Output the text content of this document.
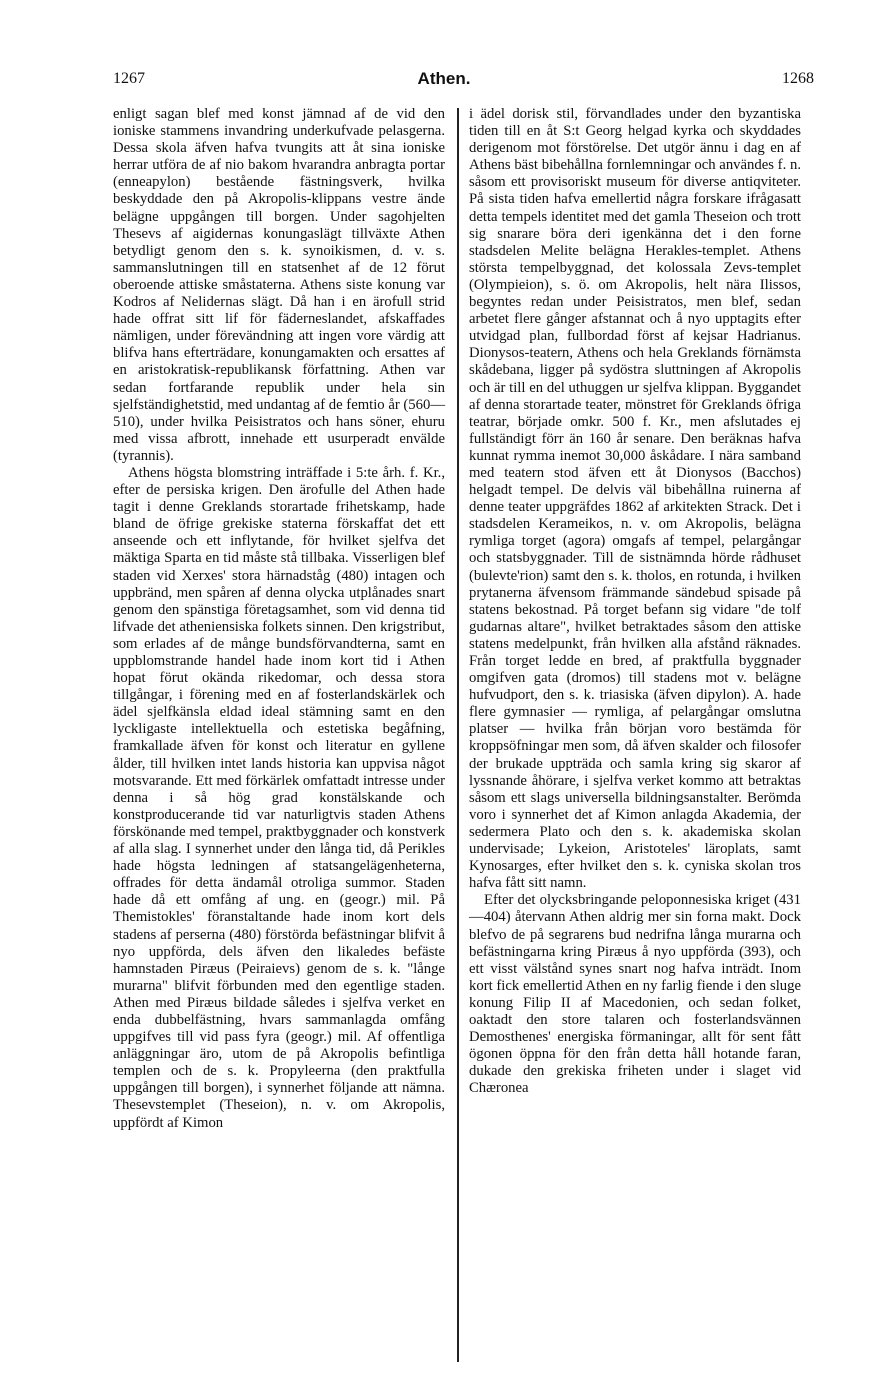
1267	Athen.	1268

enligt sagan blef med konst jämnad af de vid den ioniske stammens invandring underkufvade pelasgerna. Dessa skola äfven hafva tvungits att åt sina ioniske herrar utföra de af nio bakom hvarandra anbragta portar (enneapylon) bestående fästningsverk, hvilka beskyddade den på Akropolis-klippans vestre ände belägne uppgången till borgen. Under sagohjelten Thesevs af aigidernas konungaslägt tillväxte Athen betydligt genom den s. k. synoikismen, d. v. s. sammanslutningen till en statsenhet af de 12 förut oberoende attiske småstaterna. Athens siste konung var Kodros af Nelidernas slägt. Då han i en ärofull strid hade offrat sitt lif för fäderneslandet, afskaffades nämligen, under förevändning att ingen vore värdig att blifva hans efterträdare, konungamakten och ersattes af en aristokratisk-republikansk författning. Athen var sedan fortfarande republik under hela sin sjelfständighetstid, med undantag af de femtio år (560—510), under hvilka Peisistratos och hans söner, ehuru med vissa afbrott, innehade ett usurperadt envälde (tyrannis).

Athens högsta blomstring inträffade i 5:te årh. f. Kr., efter de persiska krigen. Den ärofulle del Athen hade tagit i denne Greklands storartade frihetskamp, hade bland de öfrige grekiske staterna förskaffat det ett anseende och ett inflytande, för hvilket sjelfva det mäktiga Sparta en tid måste stå tillbaka. Visserligen blef staden vid Xerxes' stora härnadståg (480) intagen och uppbränd, men spåren af denna olycka utplånades snart genom den spänstiga företagsamhet, som vid denna tid lifvade det atheniensiska folkets sinnen. Den krigstribut, som erlades af de månge bundsförvandterna, samt en uppblomstrande handel hade inom kort tid i Athen hopat förut okända rikedomar, och dessa stora tillgångar, i förening med en af fosterlandskärlek och ädel sjelfkänsla eldad ideal stämning samt en den lyckligaste intellektuella och estetiska begåfning, framkallade äfven för konst och literatur en gyllene ålder, till hvilken intet lands historia kan uppvisa något motsvarande. Ett med förkärlek omfattadt intresse under denna i så hög grad konstälskande och konstproducerande tid var naturligtvis staden Athens förskönande med tempel, praktbyggnader och konstverk af alla slag. I synnerhet under den långa tid, då Perikles hade högsta ledningen af statsangelägenheterna, offrades för detta ändamål otroliga summor. Staden hade då ett omfång af ung. en (geogr.) mil. På Themistokles' föranstaltande hade inom kort dels stadens af perserna (480) förstörda befästningar blifvit å nyo uppförda, dels äfven den likaledes befäste hamnstaden Piræus (Peiraievs) genom de s. k. "långe murarna" blifvit förbunden med den egentlige staden. Athen med Piræus bildade således i sjelfva verket en enda dubbelfästning, hvars sammanlagda omfång uppgifves till vid pass fyra (geogr.) mil. Af offentliga anläggningar äro, utom de på Akropolis befintliga templen och de s. k. Propyleerna (den praktfulla uppgången till borgen), i synnerhet följande att nämna. Thesevstemplet (Theseion), n. v. om Akropolis, uppfördt af Kimon

i ädel dorisk stil, förvandlades under den byzantiska tiden till en åt S:t Georg helgad kyrka och skyddades derigenom mot förstörelse. Det utgör ännu i dag en af Athens bäst bibehållna fornlemningar och användes f. n. såsom ett provisoriskt museum för diverse antiqviteter. På sista tiden hafva emellertid några forskare ifrågasatt detta tempels identitet med det gamla Theseion och trott sig snarare böra deri igenkänna det i den forne stadsdelen Melite belägna Herakles-templet. Athens största tempelbyggnad, det kolossala Zevs-templet (Olympieion), s. ö. om Akropolis, helt nära Ilissos, begyntes redan under Peisistratos, men blef, sedan arbetet flere gånger afstannat och å nyo upptagits efter utvidgad plan, fullbordad först af kejsar Hadrianus. Dionysos-teatern, Athens och hela Greklands förnämsta skådebana, ligger på sydöstra sluttningen af Akropolis och är till en del uthuggen ur sjelfva klippan. Byggandet af denna storartade teater, mönstret för Greklands öfriga teatrar, började omkr. 500 f. Kr., men afslutades ej fullständigt förr än 160 år senare. Den beräknas hafva kunnat rymma inemot 30,000 åskådare. I nära samband med teatern stod äfven ett åt Dionysos (Bacchos) helgadt tempel. De delvis väl bibehållna ruinerna af denne teater uppgräfdes 1862 af arkitekten Strack. Det i stadsdelen Kerameikos, n. v. om Akropolis, belägna rymliga torget (agora) omgafs af tempel, pelargångar och statsbyggnader. Till de sistnämnda hörde rådhuset (bulevte'rion) samt den s. k. tholos, en rotunda, i hvilken prytanerna äfvensom främmande sändebud spisade på statens bekostnad. På torget befann sig vidare "de tolf gudarnas altare", hvilket betraktades såsom den attiske statens medelpunkt, från hvilken alla afstånd räknades. Från torget ledde en bred, af praktfulla byggnader omgifven gata (dromos) till stadens mot v. belägne hufvudport, den s. k. triasiska (äfven dipylon). A. hade flere gymnasier — rymliga, af pelargångar omslutna platser — hvilka från början voro bestämda för kroppsöfningar men som, då äfven skalder och filosofer der brukade uppträda och samla kring sig skaror af lyssnande åhörare, i sjelfva verket kommo att betraktas såsom ett slags universella bildningsanstalter. Berömda voro i synnerhet det af Kimon anlagda Akademia, der sedermera Plato och den s. k. akademiska skolan undervisade; Lykeion, Aristoteles' läroplats, samt Kynosarges, efter hvilket den s. k. cyniska skolan tros hafva fått sitt namn.

Efter det olycksbringande peloponnesiska kriget (431—404) återvann Athen aldrig mer sin forna makt. Dock blefvo de på segrarens bud nedrifna långa murarna och befästningarna kring Piræus å nyo uppförda (393), och ett visst välstånd synes snart nog hafva inträdt. Inom kort fick emellertid Athen en ny farlig fiende i den sluge konung Filip II af Macedonien, och sedan folket, oaktadt den store talaren och fosterlandsvännen Demosthenes' energiska förmaningar, allt för sent fått ögonen öppna för den från detta håll hotande faran, dukade den grekiska friheten under i slaget vid Chæronea
